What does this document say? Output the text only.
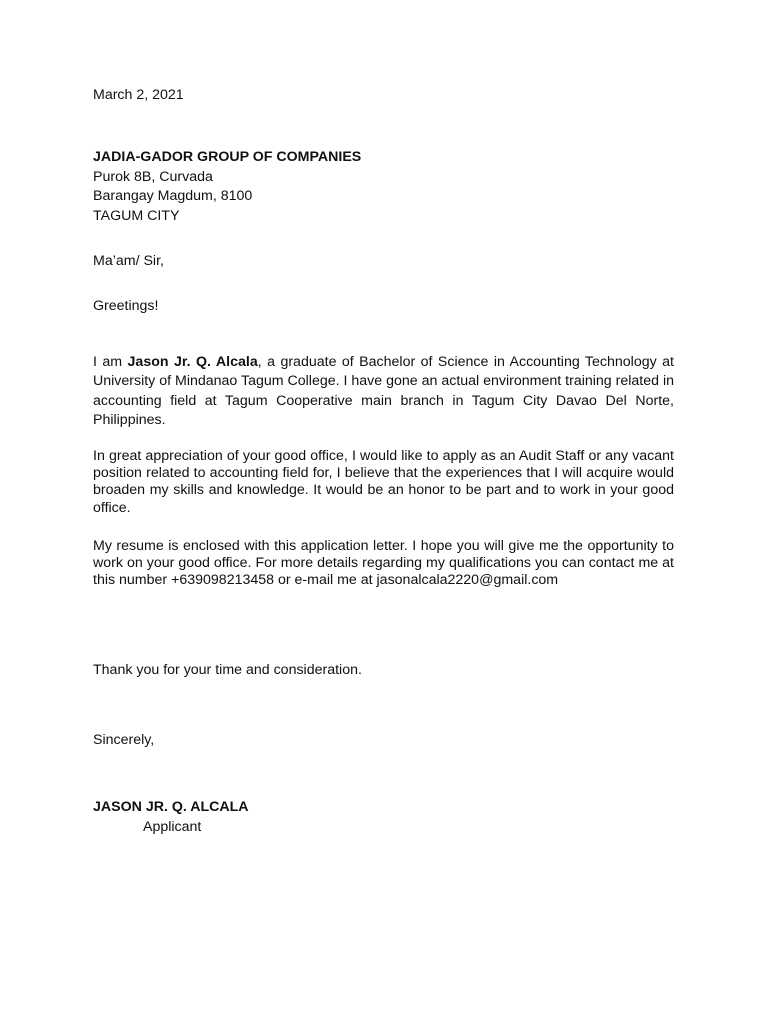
March 2, 2021
JADIA-GADOR GROUP OF COMPANIES
Purok 8B, Curvada
Barangay Magdum, 8100
TAGUM CITY
Ma’am/ Sir,
Greetings!
I am Jason Jr. Q. Alcala, a graduate of Bachelor of Science in Accounting Technology at University of Mindanao Tagum College. I have gone an actual environment training related in accounting field at Tagum Cooperative main branch in Tagum City Davao Del Norte, Philippines.
In great appreciation of your good office, I would like to apply as an Audit Staff or any vacant position related to accounting field for, I believe that the experiences that I will acquire would broaden my skills and knowledge. It would be an honor to be part and to work in your good office.
My resume is enclosed with this application letter. I hope you will give me the opportunity to work on your good office. For more details regarding my qualifications you can contact me at this number +639098213458 or e-mail me at jasonalcala2220@gmail.com
Thank you for your time and consideration.
Sincerely,
JASON JR. Q. ALCALA
Applicant
